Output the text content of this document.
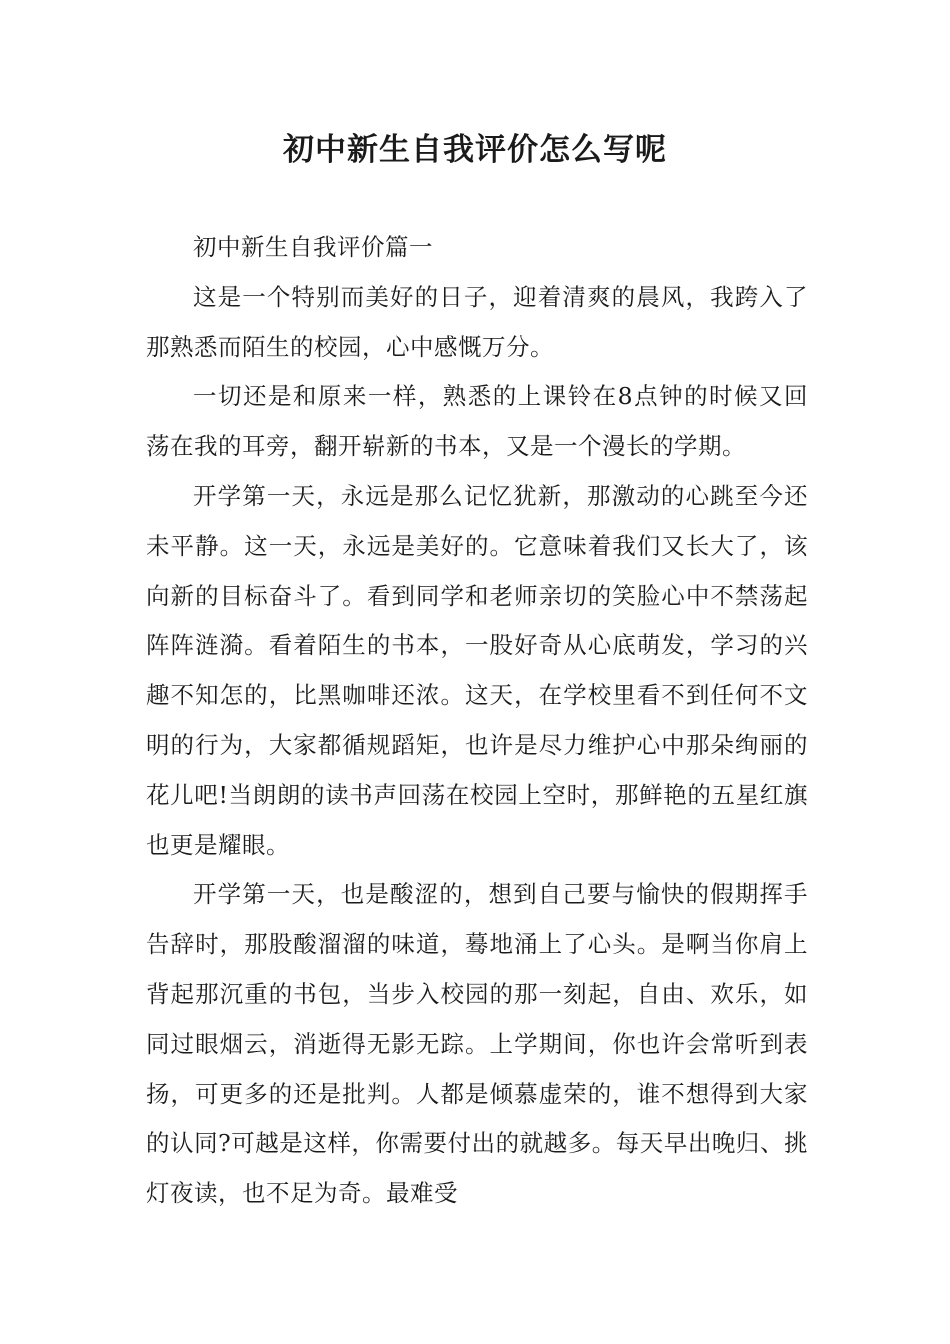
初中新生自我评价怎么写呢

初中新生自我评价篇一

这是一个特别而美好的日子，迎着清爽的晨风，我跨入了那熟悉而陌生的校园，心中感慨万分。

一切还是和原来一样，熟悉的上课铃在8点钟的时候又回荡在我的耳旁，翻开崭新的书本，又是一个漫长的学期。

开学第一天，永远是那么记忆犹新，那激动的心跳至今还未平静。这一天，永远是美好的。它意味着我们又长大了，该向新的目标奋斗了。看到同学和老师亲切的笑脸心中不禁荡起阵阵涟漪。看着陌生的书本，一股好奇从心底萌发，学习的兴趣不知怎的，比黑咖啡还浓。这天，在学校里看不到任何不文明的行为，大家都循规蹈矩，也许是尽力维护心中那朵绚丽的花儿吧!当朗朗的读书声回荡在校园上空时，那鲜艳的五星红旗也更是耀眼。

开学第一天，也是酸涩的，想到自己要与愉快的假期挥手告辞时，那股酸溜溜的味道，蓦地涌上了心头。是啊当你肩上背起那沉重的书包，当步入校园的那一刻起，自由、欢乐，如同过眼烟云，消逝得无影无踪。上学期间，你也许会常听到表扬，可更多的还是批判。人都是倾慕虚荣的，谁不想得到大家的认同?可越是这样，你需要付出的就越多。每天早出晚归、挑灯夜读，也不足为奇。最难受
